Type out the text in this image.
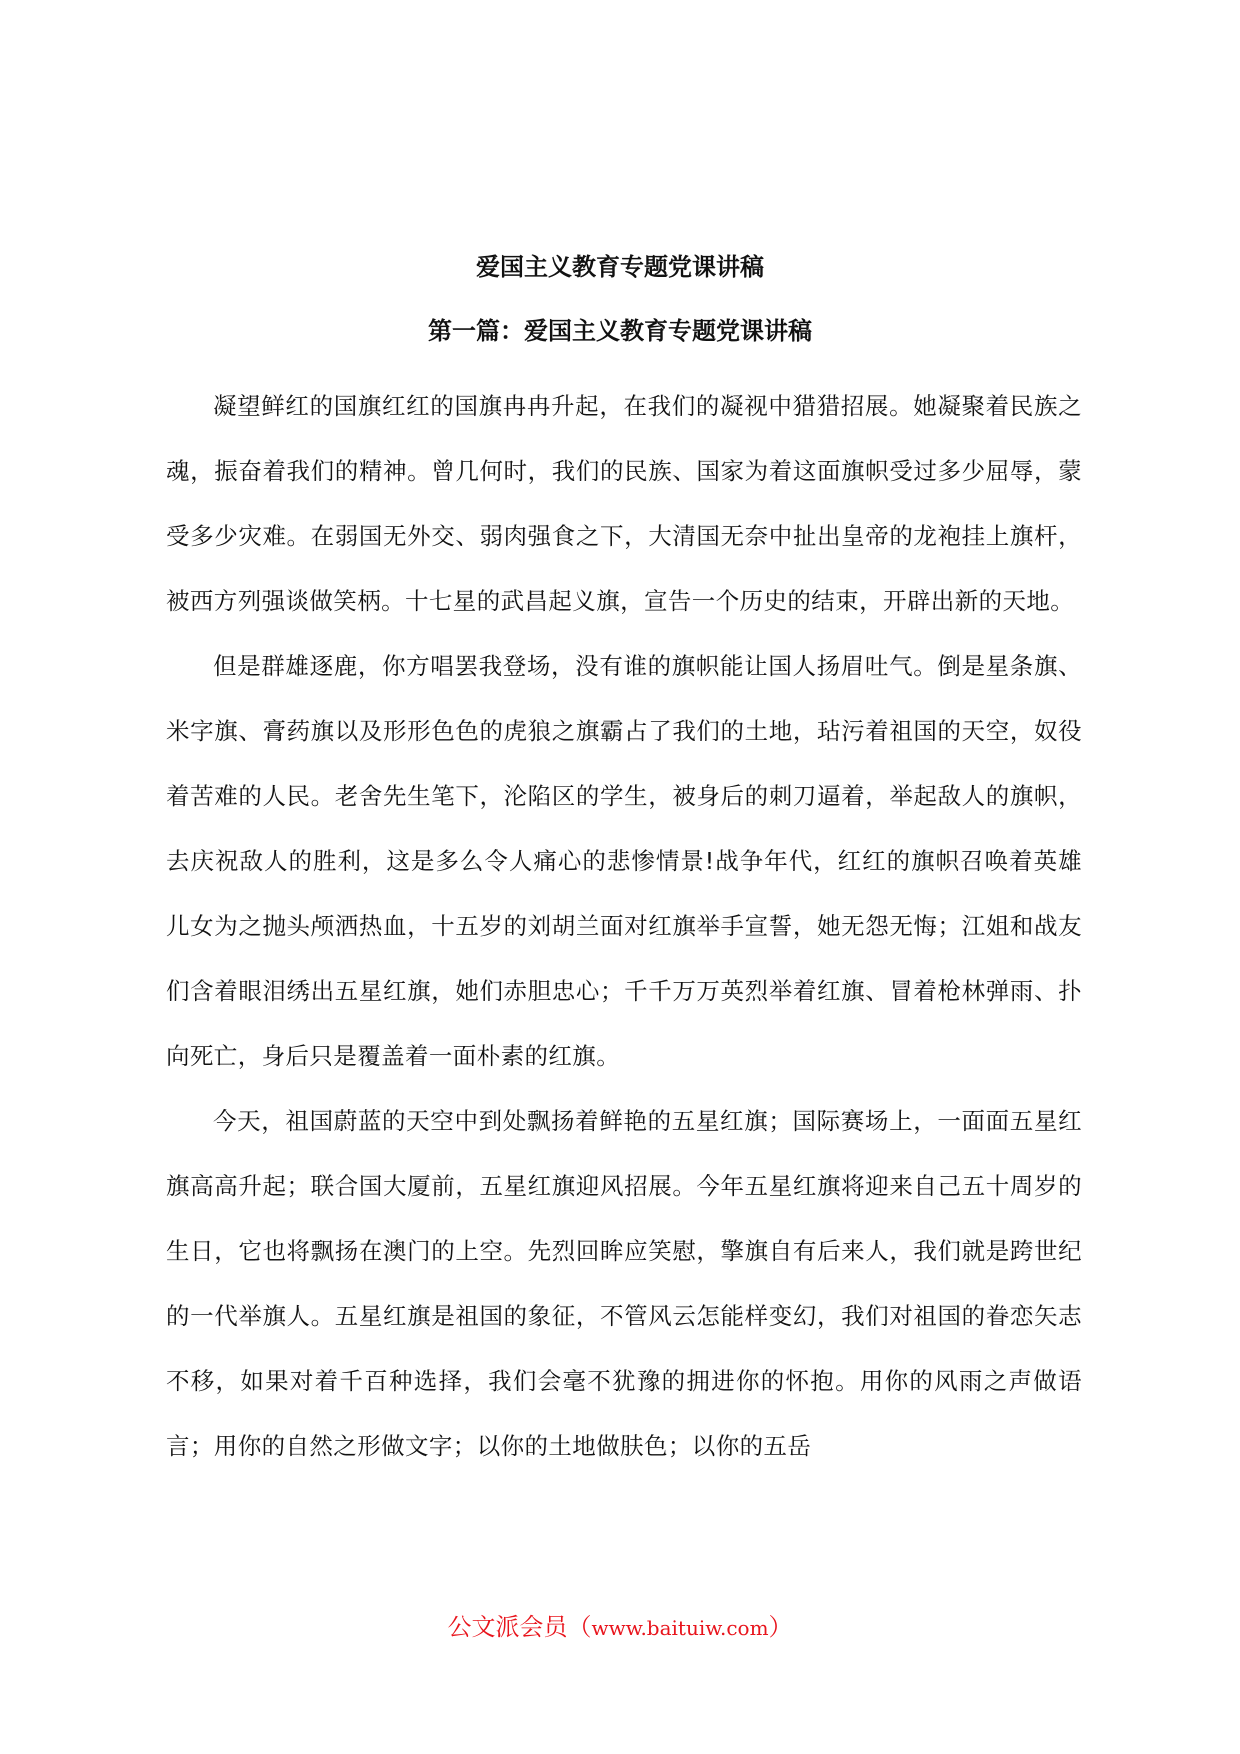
爱国主义教育专题党课讲稿
第一篇：爱国主义教育专题党课讲稿

凝望鲜红的国旗红红的国旗冉冉升起，在我们的凝视中猎猎招展。她凝聚着民族之魂，振奋着我们的精神。曾几何时，我们的民族、国家为着这面旗帜受过多少屈辱，蒙受多少灾难。在弱国无外交、弱肉强食之下，大清国无奈中扯出皇帝的龙袍挂上旗杆，被西方列强谈做笑柄。十七星的武昌起义旗，宣告一个历史的结束，开辟出新的天地。

但是群雄逐鹿，你方唱罢我登场，没有谁的旗帜能让国人扬眉吐气。倒是星条旗、米字旗、膏药旗以及形形色色的虎狼之旗霸占了我们的土地，玷污着祖国的天空，奴役着苦难的人民。老舍先生笔下，沦陷区的学生，被身后的刺刀逼着，举起敌人的旗帜，去庆祝敌人的胜利，这是多么令人痛心的悲惨情景!战争年代，红红的旗帜召唤着英雄儿女为之抛头颅洒热血，十五岁的刘胡兰面对红旗举手宣誓，她无怨无悔；江姐和战友们含着眼泪绣出五星红旗，她们赤胆忠心；千千万万英烈举着红旗、冒着枪林弹雨、扑向死亡，身后只是覆盖着一面朴素的红旗。

今天，祖国蔚蓝的天空中到处飘扬着鲜艳的五星红旗；国际赛场上，一面面五星红旗高高升起；联合国大厦前，五星红旗迎风招展。今年五星红旗将迎来自己五十周岁的生日，它也将飘扬在澳门的上空。先烈回眸应笑慰，擎旗自有后来人，我们就是跨世纪的一代举旗人。五星红旗是祖国的象征，不管风云怎能样变幻，我们对祖国的眷恋矢志不移，如果对着千百种选择，我们会毫不犹豫的拥进你的怀抱。用你的风雨之声做语言；用你的自然之形做文字；以你的土地做肤色；以你的五岳

公文派会员（www.baituiw.com）
